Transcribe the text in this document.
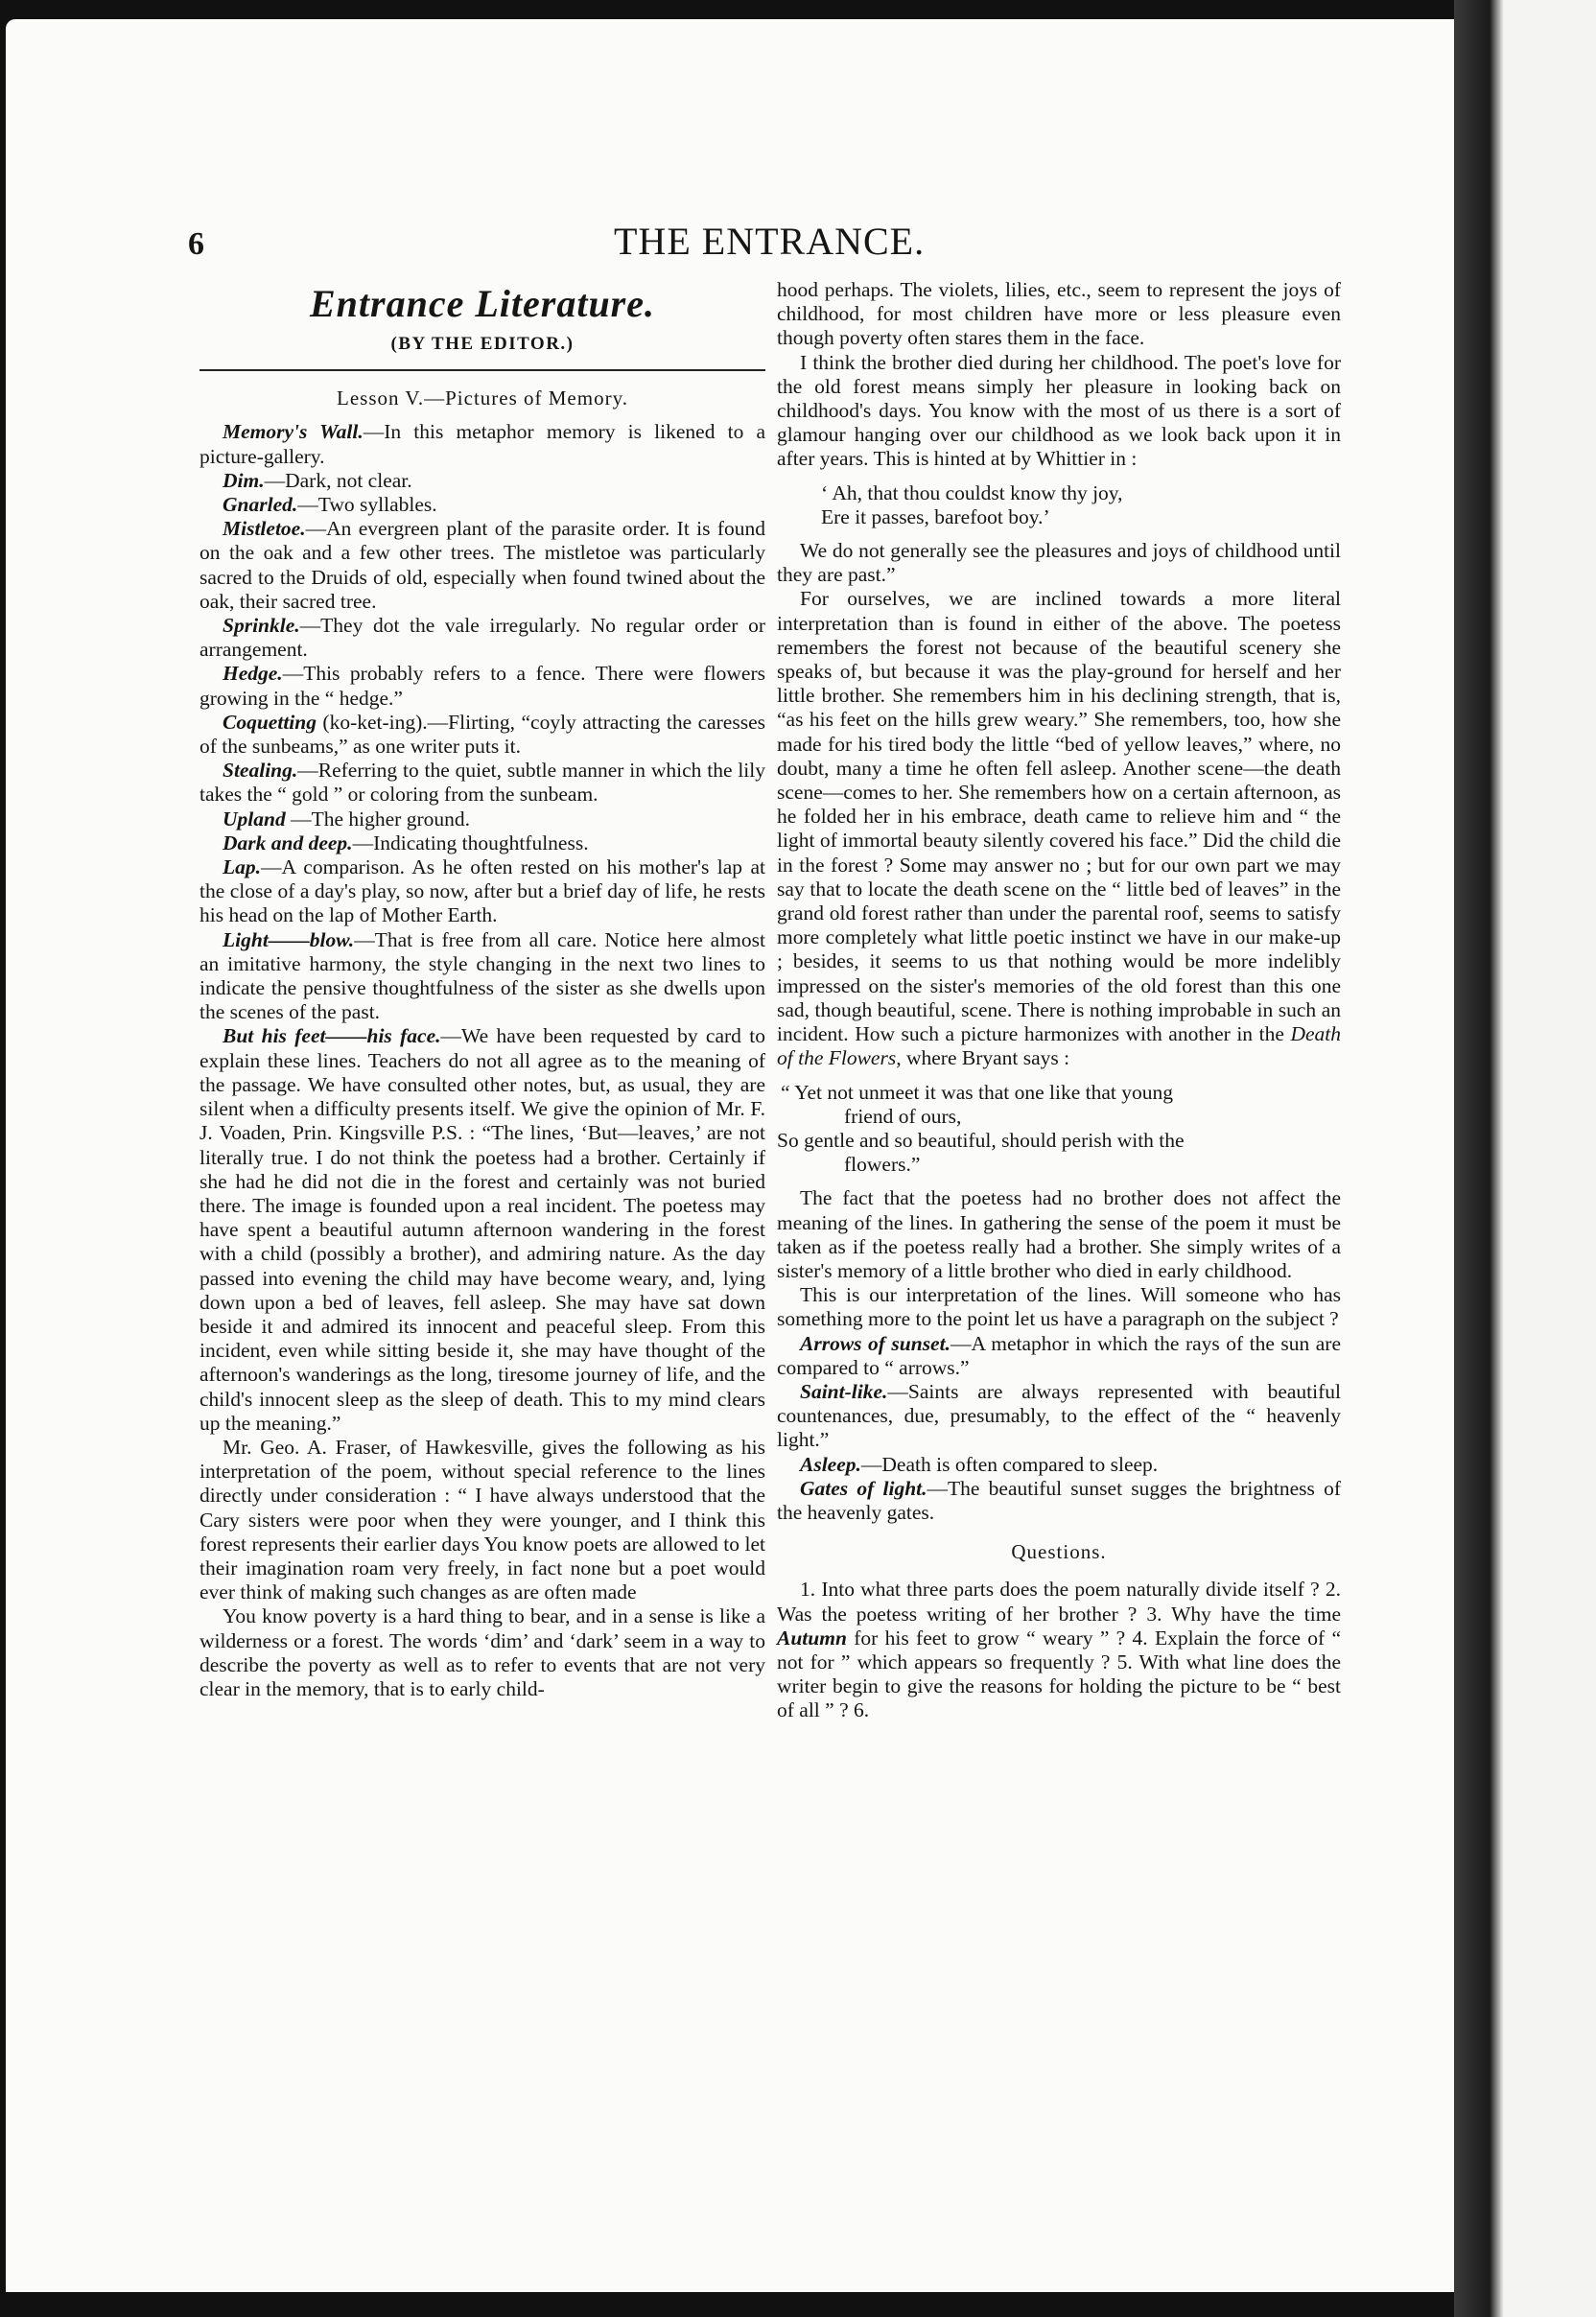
6	THE ENTRANCE.
Entrance Literature.
(BY THE EDITOR.)
Lesson V.—Pictures of Memory.

Memory's Wall.—In this metaphor memory is likened to a picture-gallery.

Dim.—Dark, not clear.

Gnarled.—Two syllables.

Mistletoe.—An evergreen plant of the parasite order. It is found on the oak and a few other trees. The mistletoe was particularly sacred to the Druids of old, especially when found twined about the oak, their sacred tree.

Sprinkle.—They dot the vale irregularly. No regular order or arrangement.

Hedge.—This probably refers to a fence. There were flowers growing in the “ hedge.”

Coquetting (ko-ket-ing).—Flirting, “coyly attracting the caresses of the sunbeams,” as one writer puts it.

Stealing.—Referring to the quiet, subtle manner in which the lily takes the “ gold ” or coloring from the sunbeam.

Upland —The higher ground.

Dark and deep.—Indicating thoughtfulness.

Lap.—A comparison. As he often rested on his mother's lap at the close of a day's play, so now, after but a brief day of life, he rests his head on the lap of Mother Earth.

Light——blow.—That is free from all care. Notice here almost an imitative harmony, the style changing in the next two lines to indicate the pensive thoughtfulness of the sister as she dwells upon the scenes of the past.

But his feet——his face.—We have been requested by card to explain these lines. Teachers do not all agree as to the meaning of the passage. We have consulted other notes, but, as usual, they are silent when a difficulty presents itself. We give the opinion of Mr. F. J. Voaden, Prin. Kingsville P.S. : “The lines, ‘But—leaves,’ are not literally true. I do not think the poetess had a brother. Certainly if she had he did not die in the forest and certainly was not buried there. The image is founded upon a real incident. The poetess may have spent a beautiful autumn afternoon wandering in the forest with a child (possibly a brother), and admiring nature. As the day passed into evening the child may have become weary, and, lying down upon a bed of leaves, fell asleep. She may have sat down beside it and admired its innocent and peaceful sleep. From this incident, even while sitting beside it, she may have thought of the afternoon's wanderings as the long, tiresome journey of life, and the child's innocent sleep as the sleep of death. This to my mind clears up the meaning.”

Mr. Geo. A. Fraser, of Hawkesville, gives the following as his interpretation of the poem, without special reference to the lines directly under consideration : “ I have always understood that the Cary sisters were poor when they were younger, and I think this forest represents their earlier days You know poets are allowed to let their imagination roam very freely, in fact none but a poet would ever think of making such changes as are often made

You know poverty is a hard thing to bear, and in a sense is like a wilderness or a forest. The words ‘dim’ and ‘dark’ seem in a way to describe the poverty as well as to refer to events that are not very clear in the memory, that is to early child-

hood perhaps. The violets, lilies, etc., seem to represent the joys of childhood, for most children have more or less pleasure even though poverty often stares them in the face.

I think the brother died during her childhood. The poet's love for the old forest means simply her pleasure in looking back on childhood's days. You know with the most of us there is a sort of glamour hanging over our childhood as we look back upon it in after years. This is hinted at by Whittier in :

‘ Ah, that thou couldst know thy joy,
Ere it passes, barefoot boy.’

We do not generally see the pleasures and joys of childhood until they are past.”

For ourselves, we are inclined towards a more literal interpretation than is found in either of the above. The poetess remembers the forest not because of the beautiful scenery she speaks of, but because it was the play-ground for herself and her little brother. She remembers him in his declining strength, that is, “as his feet on the hills grew weary.” She remembers, too, how she made for his tired body the little “bed of yellow leaves,” where, no doubt, many a time he often fell asleep. Another scene—the death scene—comes to her. She remembers how on a certain afternoon, as he folded her in his embrace, death came to relieve him and “ the light of immortal beauty silently covered his face.” Did the child die in the forest ? Some may answer no ; but for our own part we may say that to locate the death scene on the “ little bed of leaves” in the grand old forest rather than under the parental roof, seems to satisfy more completely what little poetic instinct we have in our make-up ; besides, it seems to us that nothing would be more indelibly impressed on the sister's memories of the old forest than this one sad, though beautiful, scene. There is nothing improbable in such an incident. How such a picture harmonizes with another in the Death of the Flowers, where Bryant says :

“ Yet not unmeet it was that one like that young
friend of ours,
So gentle and so beautiful, should perish with the
flowers.”

The fact that the poetess had no brother does not affect the meaning of the lines. In gathering the sense of the poem it must be taken as if the poetess really had a brother. She simply writes of a sister's memory of a little brother who died in early childhood.

This is our interpretation of the lines. Will someone who has something more to the point let us have a paragraph on the subject ?

Arrows of sunset.—A metaphor in which the rays of the sun are compared to “ arrows.”

Saint-like.—Saints are always represented with beautiful countenances, due, presumably, to the effect of the “ heavenly light.”

Asleep.—Death is often compared to sleep.

Gates of light.—The beautiful sunset sugges the brightness of the heavenly gates.

Questions.

1. Into what three parts does the poem naturally divide itself ? 2. Was the poetess writing of her brother ? 3. Why have the time Autumn for his feet to grow “ weary ” ? 4. Explain the force of “ not for ” which appears so frequently ? 5. With what line does the writer begin to give the reasons for holding the picture to be “ best of all ” ? 6.
